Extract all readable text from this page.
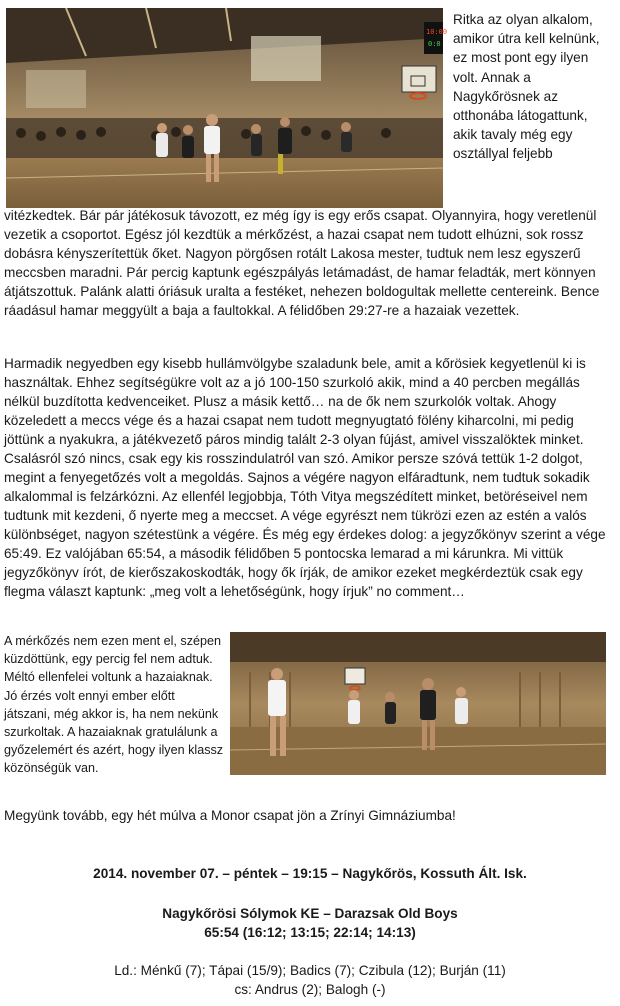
10:00
0:0

Ritka az olyan alkalom, amikor útra kell kelnünk, ez most pont egy ilyen volt. Annak a Nagykőrösnek az otthonába látogattunk, akik tavaly még egy osztállyal feljebb

vitézkedtek. Bár pár játékosuk távozott, ez még így is egy erős csapat. Olyannyira, hogy veretlenül vezetik a csoportot. Egész jól kezdtük a mérkőzést, a hazai csapat nem tudott elhúzni, sok rossz dobásra kényszerítettük őket. Nagyon pörgősen rotált Lakosa mester, tudtuk nem lesz egyszerű meccsben maradni. Pár percig kaptunk egészpályás letámadást, de hamar feladták, mert könnyen átjátszottuk. Palánk alatti óriásuk uralta a festéket, nehezen boldogultak mellette centereink. Bence ráadásul hamar meggyült a baja a faultokkal. A félidőben 29:27-re a hazaiak vezettek.

Harmadik negyedben egy kisebb hullámvölgybe szaladunk bele, amit a kőrösiek kegyetlenül ki is használtak. Ehhez segítségükre volt az a jó 100-150 szurkoló akik, mind a 40 percben megállás nélkül buzdította kedvenceiket. Plusz a másik kettő… na de ők nem szurkolók voltak. Ahogy közeledett a meccs vége és a hazai csapat nem tudott megnyugtató fölény kiharcolni, mi pedig jöttünk a nyakukra, a játékvezető páros mindig talált 2-3 olyan fújást, amivel visszalöktek minket. Csalásról szó nincs, csak egy kis rosszindulatról van szó. Amikor persze szóvá tettük 1-2 dolgot, megint a fenyegetőzés volt a megoldás. Sajnos a végére nagyon elfáradtunk, nem tudtuk sokadik alkalommal is felzárkózni. Az ellenfél legjobbja, Tóth Vitya megszédített minket, betöréseivel nem tudtunk mit kezdeni, ő nyerte meg a meccset. A vége egyrészt nem tükrözi ezen az estén a valós különbséget, nagyon szétestünk a végére. És még egy érdekes dolog: a jegyzőkönyv szerint a vége 65:49. Ez valójában 65:54, a második félidőben 5 pontocska lemarad a mi kárunkra. Mi vittük jegyzőkönyv írót, de kierőszakoskodták, hogy ők írják, de amikor ezeket megkérdeztük csak egy flegma választ kaptunk: „meg volt a lehetőségünk, hogy írjuk” no comment…

A mérkőzés nem ezen ment el, szépen küzdöttünk, egy percig fel nem adtuk. Méltó ellenfelei voltunk a hazaiaknak. Jó érzés volt ennyi ember előtt játszani, még akkor is, ha nem nekünk szurkoltak. A hazaiaknak gratulálunk a győzelemért és azért, hogy ilyen klassz közönségük van.

Megyünk tovább, egy hét múlva a Monor csapat jön a Zrínyi Gimnáziumba!

2014. november 07. – péntek – 19:15 – Nagykőrös, Kossuth Ált. Isk.
Nagykőrösi Sólymok KE – Darazsak Old Boys
65:54 (16:12; 13:15; 22:14; 14:13)
Ld.: Ménkű (7); Tápai (15/9); Badics (7); Czibula (12); Burján (11)
cs: Andrus (2); Balogh (-)
